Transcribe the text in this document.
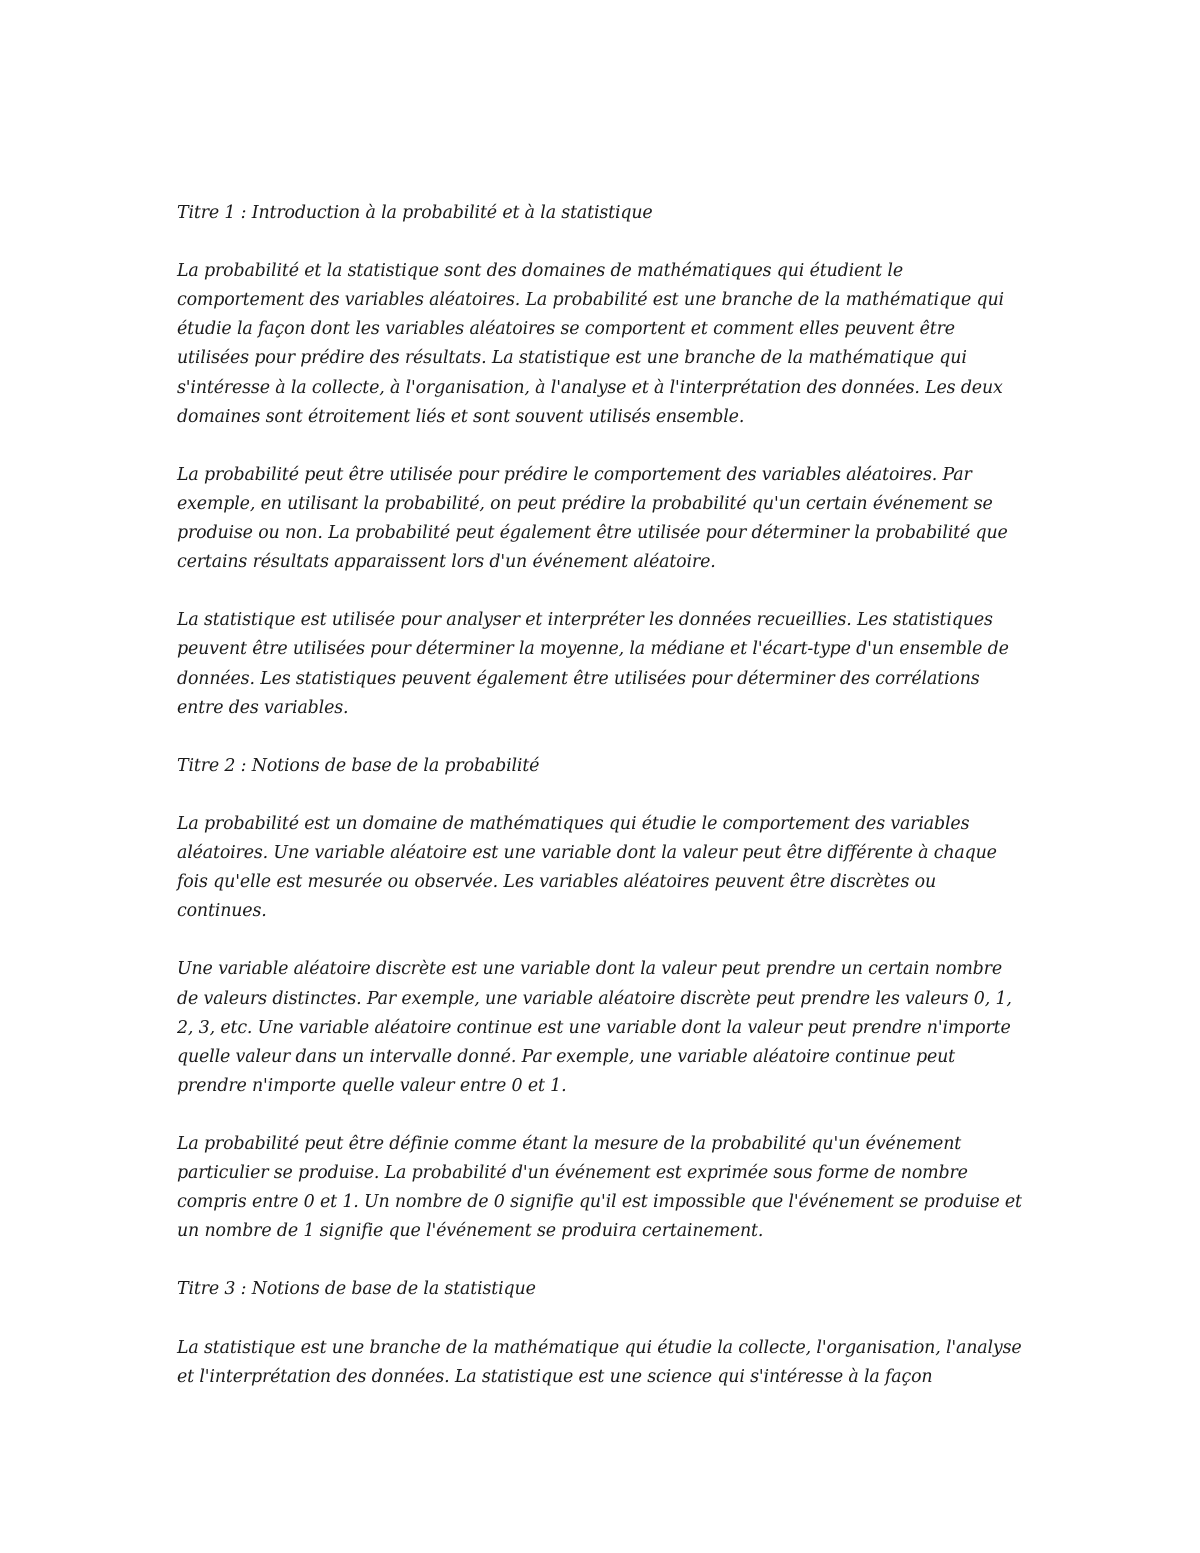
Titre 1 : Introduction à la probabilité et à la statistique
La probabilité et la statistique sont des domaines de mathématiques qui étudient le comportement des variables aléatoires. La probabilité est une branche de la mathématique qui étudie la façon dont les variables aléatoires se comportent et comment elles peuvent être utilisées pour prédire des résultats. La statistique est une branche de la mathématique qui s'intéresse à la collecte, à l'organisation, à l'analyse et à l'interprétation des données. Les deux domaines sont étroitement liés et sont souvent utilisés ensemble.
La probabilité peut être utilisée pour prédire le comportement des variables aléatoires. Par exemple, en utilisant la probabilité, on peut prédire la probabilité qu'un certain événement se produise ou non. La probabilité peut également être utilisée pour déterminer la probabilité que certains résultats apparaissent lors d'un événement aléatoire.
La statistique est utilisée pour analyser et interpréter les données recueillies. Les statistiques peuvent être utilisées pour déterminer la moyenne, la médiane et l'écart-type d'un ensemble de données. Les statistiques peuvent également être utilisées pour déterminer des corrélations entre des variables.
Titre 2 : Notions de base de la probabilité
La probabilité est un domaine de mathématiques qui étudie le comportement des variables aléatoires. Une variable aléatoire est une variable dont la valeur peut être différente à chaque fois qu'elle est mesurée ou observée. Les variables aléatoires peuvent être discrètes ou continues.
Une variable aléatoire discrète est une variable dont la valeur peut prendre un certain nombre de valeurs distinctes. Par exemple, une variable aléatoire discrète peut prendre les valeurs 0, 1, 2, 3, etc. Une variable aléatoire continue est une variable dont la valeur peut prendre n'importe quelle valeur dans un intervalle donné. Par exemple, une variable aléatoire continue peut prendre n'importe quelle valeur entre 0 et 1.
La probabilité peut être définie comme étant la mesure de la probabilité qu'un événement particulier se produise. La probabilité d'un événement est exprimée sous forme de nombre compris entre 0 et 1. Un nombre de 0 signifie qu'il est impossible que l'événement se produise et un nombre de 1 signifie que l'événement se produira certainement.
Titre 3 : Notions de base de la statistique
La statistique est une branche de la mathématique qui étudie la collecte, l'organisation, l'analyse et l'interprétation des données. La statistique est une science qui s'intéresse à la façon
